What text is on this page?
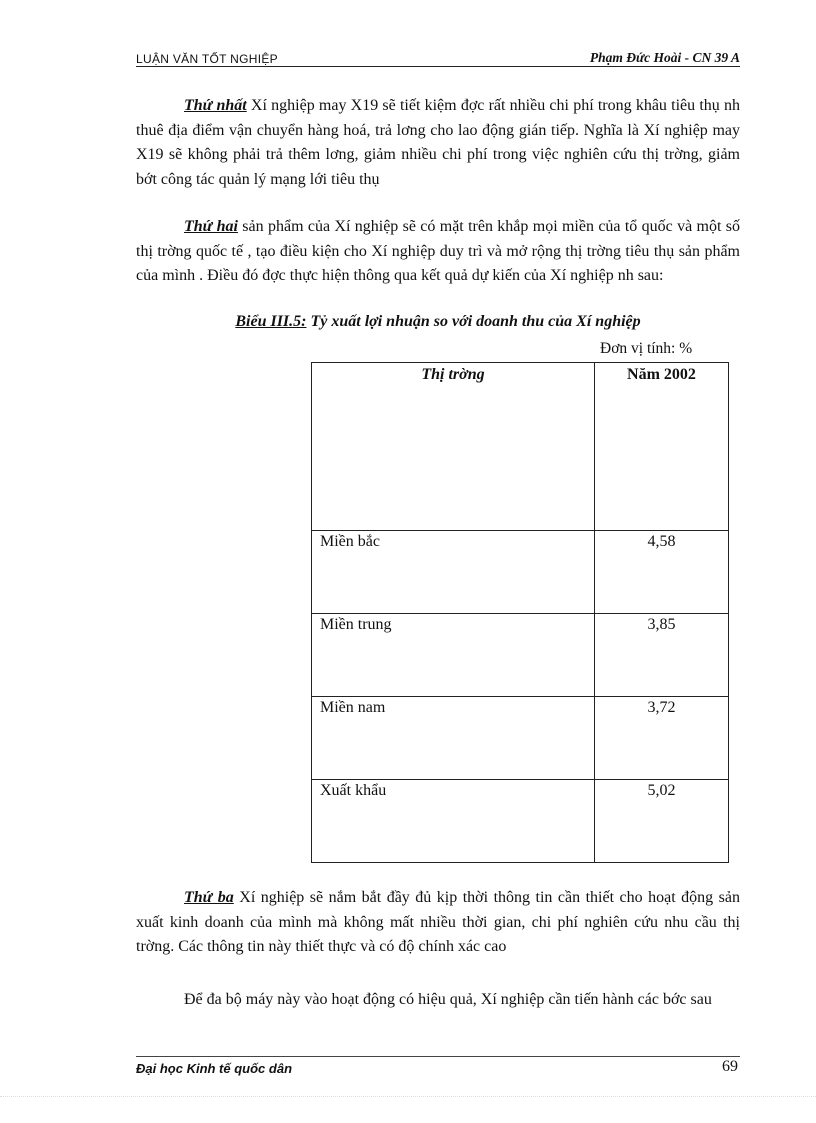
LUẬN VĂN TỐT NGHIỆP	Phạm Đức Hoài - CN 39 A

Thứ nhất Xí nghiệp may X19 sẽ tiết kiệm đợc rất nhiều chi phí trong khâu tiêu thụ nh thuê địa điểm vận chuyển hàng hoá, trả lơng cho lao động gián tiếp. Nghĩa là Xí nghiệp may X19 sẽ không phải trả thêm lơng, giảm nhiều chi phí trong việc nghiên cứu thị trờng, giảm bớt công tác quản lý mạng lới tiêu thụ

Thứ hai sản phẩm của Xí nghiệp sẽ có mặt trên khắp mọi miền của tổ quốc và một số thị trờng quốc tế , tạo điều kiện cho Xí nghiệp duy trì và mở rộng thị trờng tiêu thụ sản phẩm của mình . Điều đó đợc thực hiện thông qua kết quả dự kiến của Xí nghiệp nh sau:

Biểu III.5: Tỷ xuất lợi nhuận so với doanh thu của Xí nghiệp
Đơn vị tính: %
Thị trờng	Năm 2002
Miền bắc	4,58
Miền trung	3,85
Miền nam	3,72
Xuất khẩu	5,02

Thứ ba Xí nghiệp sẽ nắm bắt đầy đủ kịp thời thông tin cần thiết cho hoạt động sản xuất kinh doanh của mình mà không mất nhiều thời gian, chi phí nghiên cứu nhu cầu thị trờng. Các thông tin này thiết thực và có độ chính xác cao

Để đa bộ máy này vào hoạt động có hiệu quả, Xí nghiệp cần tiến hành các bớc sau

Đại học Kinh tế quốc dân	69
